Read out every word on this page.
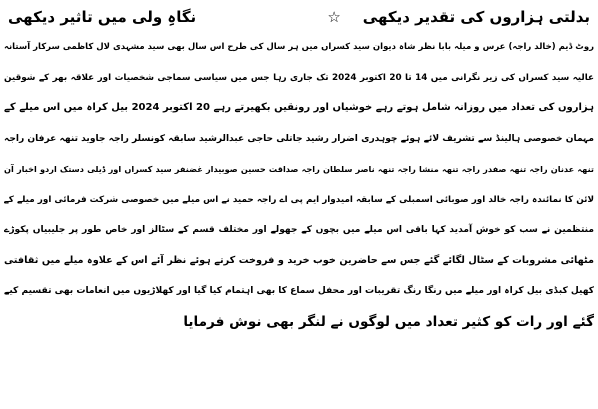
بدلتی ہزاروں کی تقدیر دیکھی
☆
نگاہِ ولی میں تاثیر دیکھی
روٹ ڈیم (خالد راجہ) عرس و میلہ بابا نظر شاہ دیوان سید کسراں میں ہر سال کی طرح اس سال بھی سید مشہدی لال کاظمی سرکار آستانہ
عالیہ سید کسراں کی زیر نگرانی میں 14 تا 20 اکتوبر 2024 تک جاری رہا جس میں سیاسی سماجی شخصیات اور علاقہ بھر کے شوقین
ہزاروں کی تعداد میں روزانہ شامل ہوتے رہے خوشیاں اور رونقیں بکھیرتے رہے 20 اکتوبر 2024 بیل کراہ میں اس میلے کے
مہمان خصوصی ہالینڈ سے تشریف لائے ہوئے چوہدری اضرار رشید جاتلی حاجی عبدالرشید سابقہ کونسلر راجہ جاوید تنھہ عرفان راجہ
تنھہ عدنان راجہ تنھہ صفدر راجہ تنھہ منشا راجہ تنھہ ناصر سلطان راجہ صداقت حسین صوبیدار غضنفر سید کسراں اور ڈیلی دستک اردو اخبار آن
لائن کا نمائندہ راجہ خالد اور صوبائی اسمبلی کے سابقہ امیدوار ایم پی اے راجہ حمید نے اس میلے میں خصوصی شرکت فرمائی اور میلے کے
منتظمین نے سب کو خوش آمدید کہا باقی اس میلے میں بچوں کے جھولے اور مختلف قسم کے سٹالز اور خاص طور پر جلیبیاں پکوڑے
مٹھائی مشروبات کے سٹال لگائے گئے جس سے حاضرین خوب خرید و فروخت کرتے ہوئے نظر آئے اس کے علاوہ میلے میں ثقافتی
کھیل کبڈی بیل کراہ اور میلے میں رنگا رنگ تقریبات اور محفل سماع کا بھی اہتمام کیا گیا اور کھلاڑیوں میں انعامات بھی تقسیم کیے
گئے اور رات کو کثیر تعداد میں لوگوں نے لنگر بھی نوش فرمایا
